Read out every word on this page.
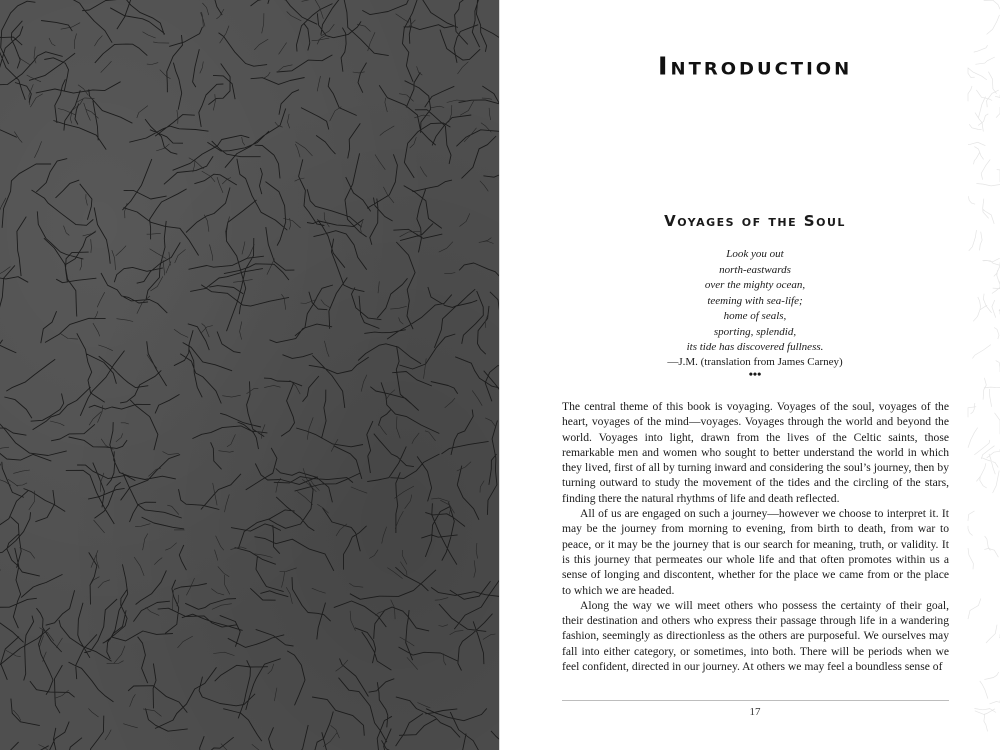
Introduction
Voyages of the Soul
Look you out
north-eastwards
over the mighty ocean,
teeming with sea-life;
home of seals,
sporting, splendid,
its tide has discovered fullness.
—J.M. (translation from James Carney)
•••

The central theme of this book is voyaging. Voyages of the soul, voyages of the heart, voyages of the mind—voyages. Voyages through the world and beyond the world. Voyages into light, drawn from the lives of the Celtic saints, those remarkable men and women who sought to better understand the world in which they lived, first of all by turning inward and considering the soul’s journey, then by turning outward to study the movement of the tides and the circling of the stars, finding there the natural rhythms of life and death reflected.

All of us are engaged on such a journey—however we choose to interpret it. It may be the journey from morning to evening, from birth to death, from war to peace, or it may be the journey that is our search for meaning, truth, or validity. It is this journey that permeates our whole life and that often promotes within us a sense of longing and discontent, whether for the place we came from or the place to which we are headed.

Along the way we will meet others who possess the certainty of their goal, their destination and others who express their passage through life in a wandering fashion, seemingly as directionless as the others are purposeful. We ourselves may fall into either category, or sometimes, into both. There will be periods when we feel confident, directed in our journey. At others we may feel a boundless sense of

17
